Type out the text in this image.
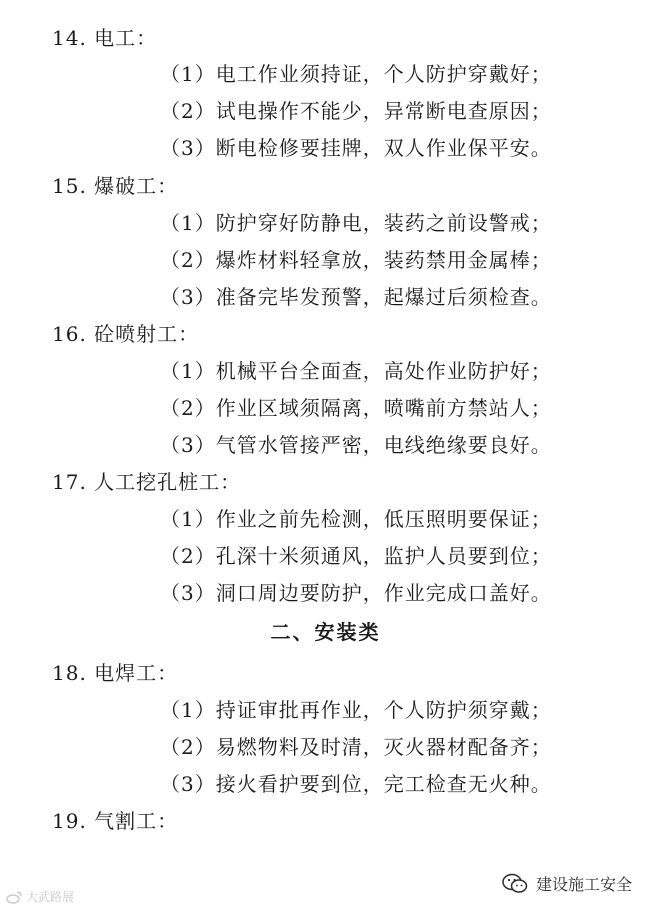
14. 电工：
（1）电工作业须持证，个人防护穿戴好；
（2）试电操作不能少，异常断电查原因；
（3）断电检修要挂牌，双人作业保平安。
15. 爆破工：
（1）防护穿好防静电，装药之前设警戒；
（2）爆炸材料轻拿放，装药禁用金属棒；
（3）准备完毕发预警，起爆过后须检查。
16. 砼喷射工：
（1）机械平台全面查，高处作业防护好；
（2）作业区域须隔离，喷嘴前方禁站人；
（3）气管水管接严密，电线绝缘要良好。
17. 人工挖孔桩工：
（1）作业之前先检测，低压照明要保证；
（2）孔深十米须通风，监护人员要到位；
（3）洞口周边要防护，作业完成口盖好。
二、安装类
18. 电焊工：
（1）持证审批再作业，个人防护须穿戴；
（2）易燃物料及时清，灭火器材配备齐；
（3）接火看护要到位，完工检查无火种。
19. 气割工：
大武路展
建设施工安全
